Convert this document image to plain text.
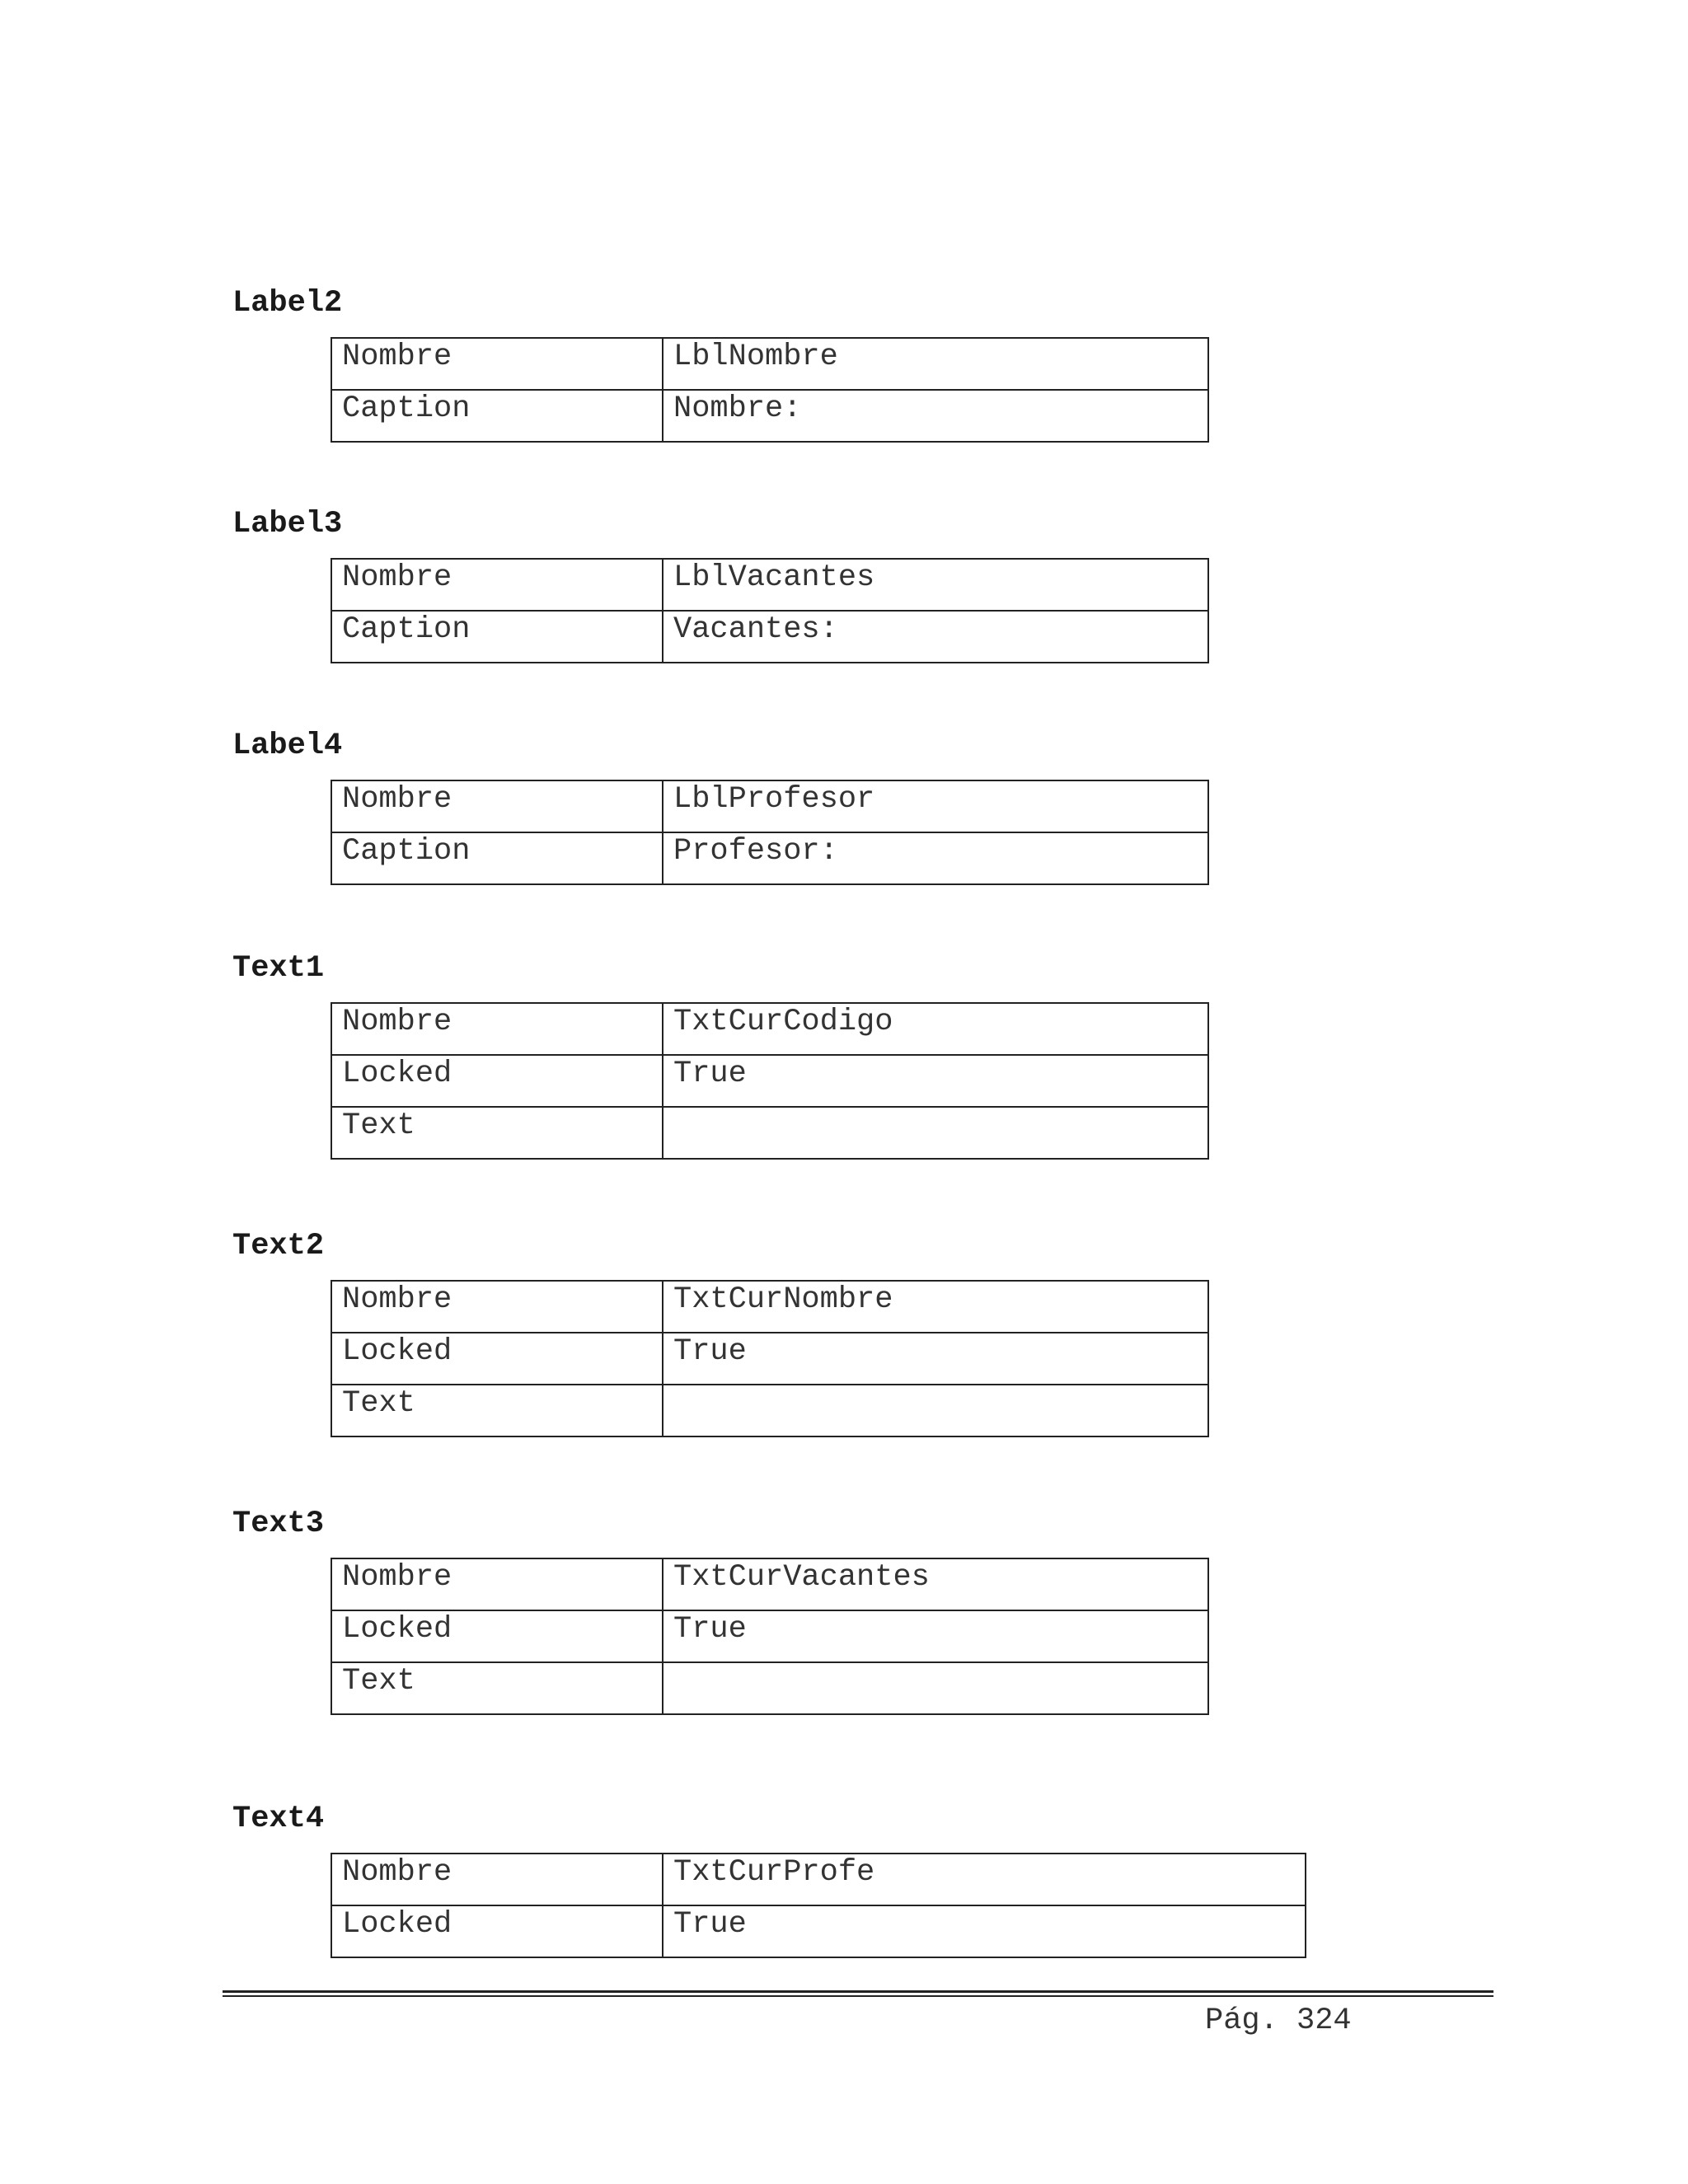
Label2
Nombre	LblNombre
Caption	Nombre:
Label3
Nombre	LblVacantes
Caption	Vacantes:
Label4
Nombre	LblProfesor
Caption	Profesor:
Text1
Nombre	TxtCurCodigo
Locked	True
Text	
Text2
Nombre	TxtCurNombre
Locked	True
Text	
Text3
Nombre	TxtCurVacantes
Locked	True
Text	
Text4
Nombre	TxtCurProfe
Locked	True
Pág. 324
